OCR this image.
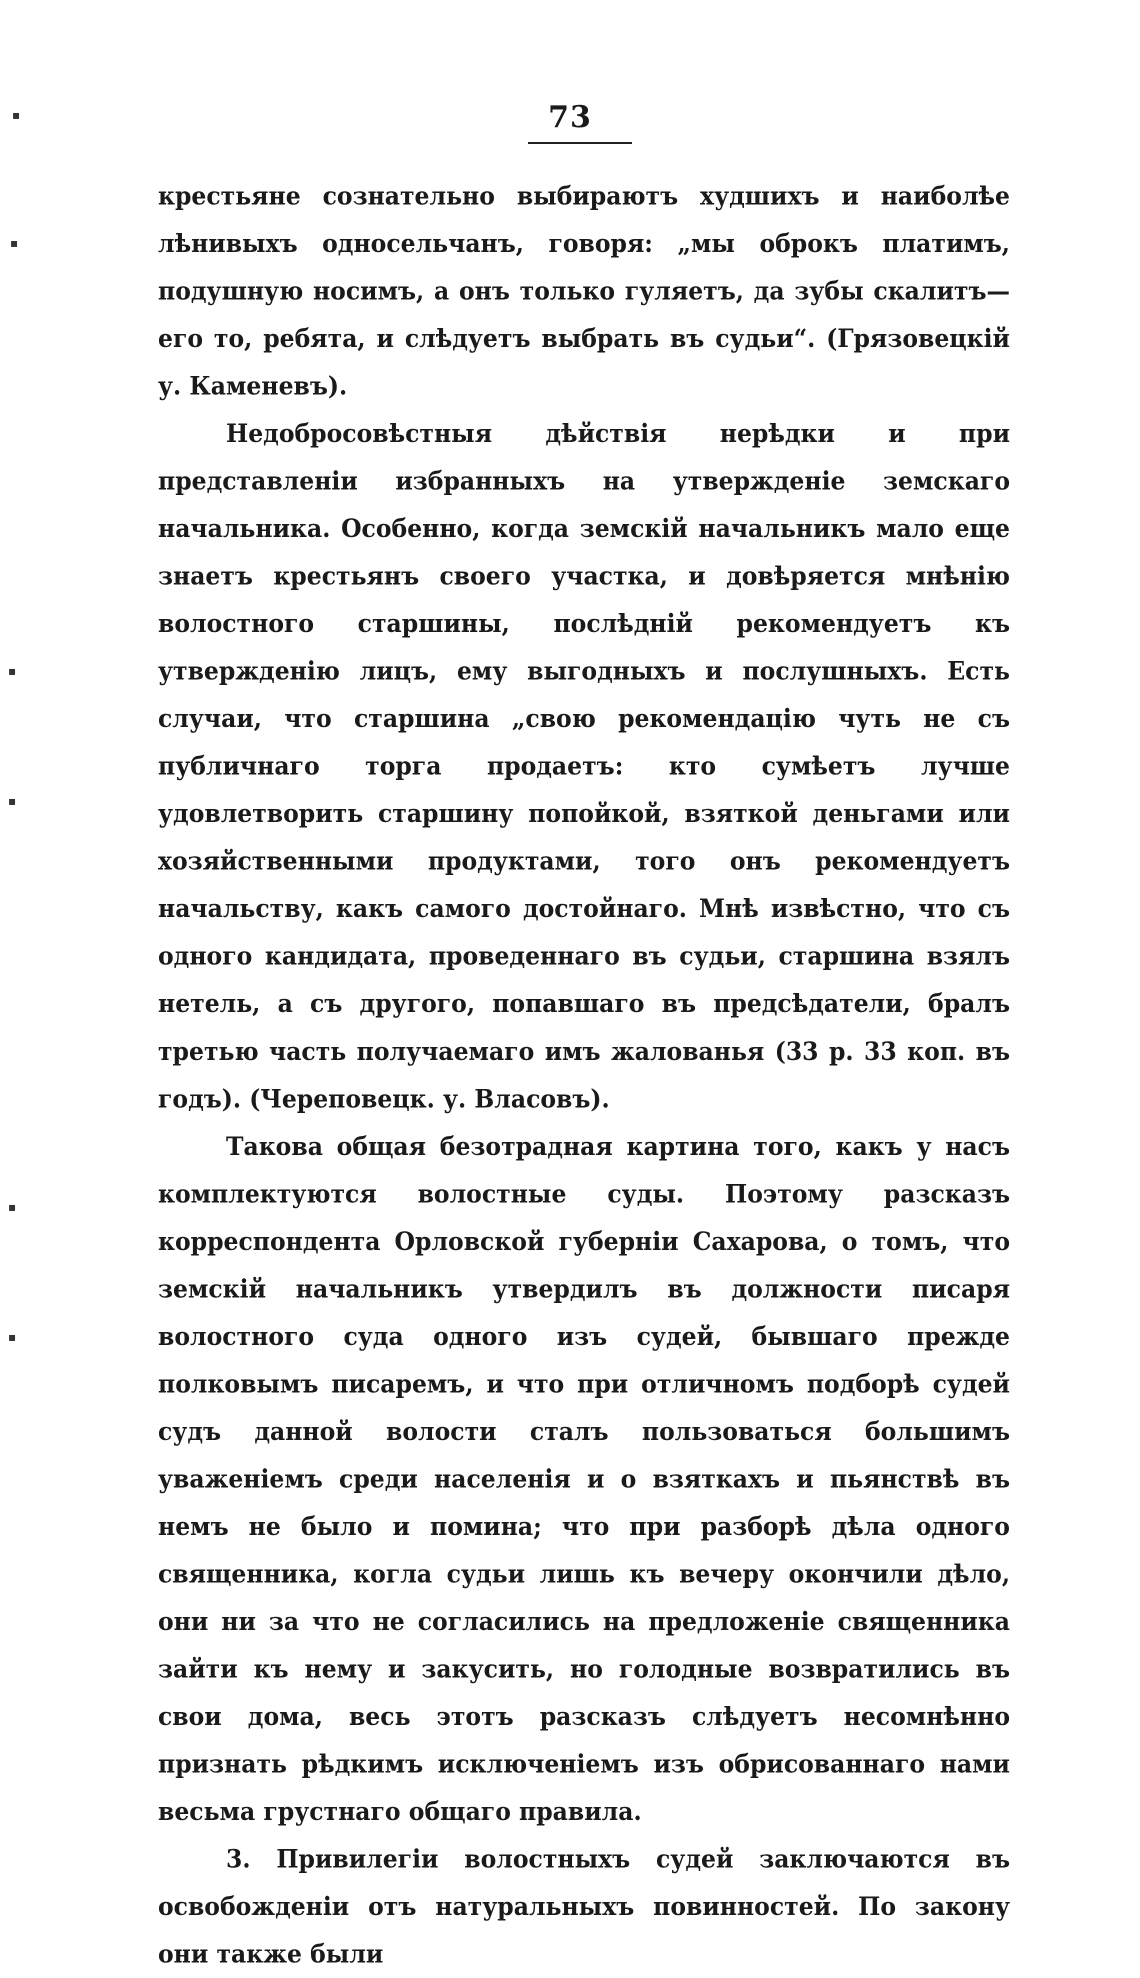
73

крестьяне сознательно выбираютъ худшихъ и наиболѣе лѣнивыхъ односельчанъ, говоря: „мы оброкъ платимъ, подушную носимъ, а онъ только гуляетъ, да зубы скалитъ—его то, ребята, и слѣдуетъ выбрать въ судьи“. (Грязовецкій у. Каменевъ).

Недобросовѣстныя дѣйствія нерѣдки и при представленіи избранныхъ на утвержденіе земскаго начальника. Особенно, когда земскій начальникъ мало еще знаетъ крестьянъ своего участка, и довѣряется мнѣнію волостного старшины, послѣдній рекомендуетъ къ утвержденію лицъ, ему выгодныхъ и послушныхъ. Есть случаи, что старшина „свою рекомендацію чуть не съ публичнаго торга продаетъ: кто сумѣетъ лучше удовлетворить старшину попойкой, взяткой деньгами или хозяйственными продуктами, того онъ рекомендуетъ начальству, какъ самого достойнаго. Мнѣ извѣстно, что съ одного кандидата, проведеннаго въ судьи, старшина взялъ нетель, а съ другого, попавшаго въ предсѣдатели, бралъ третью часть получаемаго имъ жалованья (33 р. 33 коп. въ годъ). (Череповецк. у. Власовъ).

Такова общая безотрадная картина того, какъ у насъ комплектуются волостные суды. Поэтому разсказъ корреспондента Орловской губерніи Сахарова, о томъ, что земскій начальникъ утвердилъ въ должности писаря волостного суда одного изъ судей, бывшаго прежде полковымъ писаремъ, и что при отличномъ подборѣ судей судъ данной волости сталъ пользоваться большимъ уваженіемъ среди населенія и о взяткахъ и пьянствѣ въ немъ не было и помина; что при разборѣ дѣла одного священника, когла судьи лишь къ вечеру окончили дѣло, они ни за что не согласились на предложеніе священника зайти къ нему и закусить, но голодные возвратились въ свои дома, весь этотъ разсказъ слѣдуетъ несомнѣнно признать рѣдкимъ исключеніемъ изъ обрисованнаго нами весьма грустнаго общаго правила.

3. Привилегіи волостныхъ судей заключаются въ освобожденіи отъ натуральныхъ повинностей. По закону они также были

▪
▪
▪
▪
▪
▪
